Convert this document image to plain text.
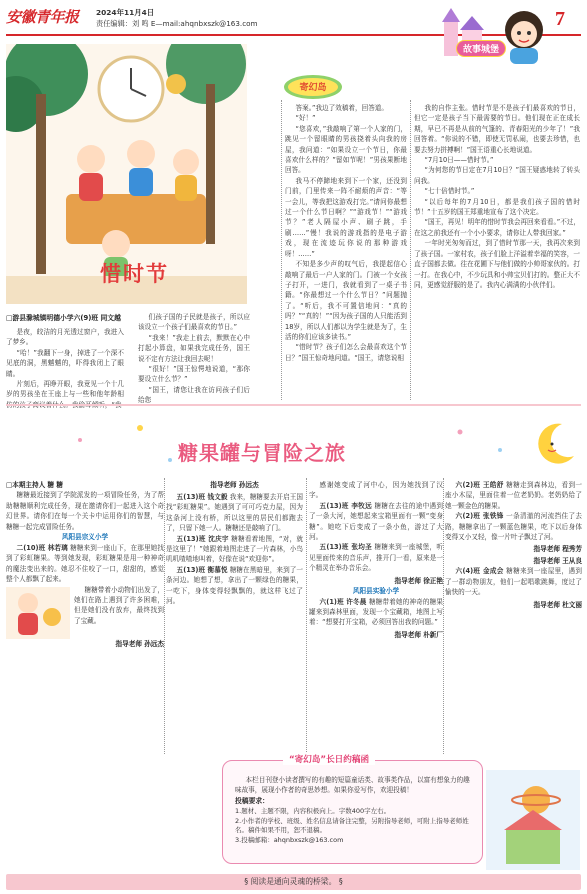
安徽青年报	2024年11月4日
责任编辑：刘 鸣 E—mail:ahqnbxszk@163.com	7
故事城堡
惜时节
寄幻岛
□游县滁城镇明德小学六(9)班 同文越

是夜，皎洁的月光透过窗户，我进入了梦乡。

“哈！”我翻下一身，掉进了一个深不见底的洞，黑魆魆的，吓得我闭上了眼睛。

片刻后，再睁开眼，我竟见一个十几岁的男孩坐在王座上与一些和他年龄相

们孩子国的子民就是孩子，所以应该设立一个孩子们最喜欢的节日。”

“我来！”我走上前去，默默在心中打起小算盘，如果我完成任务，国王说不定有方法让我回去呢！

“很好！”国王惊愕地说道，“那你要设立什么节？”

“国王，请您让我在访问孩子们后给您

答案。”我边了效稿着，回答道。

“好！”

“您喜欢，”我敲响了第一个人家的门，跳见一个留眼睛的男孩挠着头向我的房屋，我问道：“如果设立一个节日，你最喜欢什么样的？”留如节呢！”男孩果断地回答。

我马不停蹄地来到下一个家，还没到门前，门里传来一阵不耐烦的声音：“等一会儿，等我把这游戏打完。”请问你最想过一个什么节日啊？”“游戏节！”“游戏节？”老人隔屋小声、刷子跳，手刷……”慢！我说的游戏指的是电子游戏，现在流迹玩你说的那种游戏呀！……”

不知是多少声的叹气后，我提起信心敲响了最后一户人家的门。门被一个女孩子打开，一进门，我就看到了一桌子书籍。“你最想过一个什么节日？”问题抛了。“听后，我不可置信地问：“真的吗？”“真的！”“因为孩子国的人只能活到18岁，所以人们都以为学生就是为了，生活的你们应该多读书。”

“惜时节？孩子们怎么会最喜欢这个节日？”国王惊奇地问道。“国王，请您说相

我的自作主张。惜时节是不是孩子们最喜欢的节日，但它一定是孩子当下最需要的节日。他们现在正在成长期，早已不再是从前的气篷的、青春阳光的少年了！”我回答着。“你说的不错，即使无罚私闹，也要去珍惜，也要去努力拼搏啊！”国王语重心长地说道。

“7月10日——惜时节。”

“为何您的节日定在7月10日？”国王疑惑地转了转头问我。

“七十倍惜时节。”

“以后每年的7月10日，都是我们孩子国的惜时节！”十五岁的国王郑重地宣布了这个决定。

“国王，再见！明年的惜时节我会再回来看看。”不过，在这之前我还有一个小小要求，请你让人带我回家。”

一年时光匆匆而过，到了惜时节那一天，我再次来到了孩子国。一家村农，孩子们脸上洋溢着幸福的笑容，一直子国都去做。往在花圃下与他们做的小帅哥家伙的。打一打。在我心中，不少玩具和小帅宝贝们打的。整正大不同，更感觉舒服的是了。我内心满满的小伙伴们。

糖果罐与冒险之旅
□本期主持人 糖 糖

糖糖最近接到了学院派发的一项冒险任务，为了帮助糖糖顺利完成任务，现在邀请你们一起进入这个奇幻世界。请你们在每一个关卡中运用你们的智慧，与糖糖一起完成冒险任务。

风阳县宗义小学

二(10)班 林若璃 糖糖来到一座山下，在那里她找到了彩虹糖果。等到她发现，彩虹糖果是用一种神奇的魔法变出来的。她忍不住咬了一口，甜甜的，感觉整个人都飘了起来。

糖糖带着小动物们出发了，她们在路上遇到了许多困难，但是她们没有放弃，最终找到了宝藏。

指导老师 孙远杰
指导老师 孙远杰

五(13)班 钱文毅 我来，糖糖要去开启王国找“彩虹糖果”。她遇到了可可巧克力屋，因为这条河上没有桥，所以这里的居民们都跑去了，只留下她一人。糖糖还是敲响了门。

五(13)班 沈庆宇 糖糖看着地图，“对，就是这里了！”她跟着地图走进了一片森林，小鸟叽叽喳喳地叫着，好像在说“欢迎你”。

五(13)班 衡慕悦 糖糖在黑暗里，来到了一条河边。她想了想，拿出了一颗绿色的糖果，一吃下，身体变得轻飘飘的，就这样飞过了河。

感谢她变成了河中心，因为她找到了汉字。

五(13)班 李牧远 糖糖在去往的途中遇到了一条大河，她想起来宝箱里面有一颗“变身糖”。她吃下后变成了一条小鱼，游过了大河。

五(13)班 张均圣 糖糖来到一座城堡，听见里面传来的音乐声，推开门一看，原来是一个精灵在举办音乐会。

指导老师 徐正艳
风阳县实验小学

六(1)班 许冬晨 糖糖带着她的神奇的糖果罐来到森林里面，发现一个宝藏箱，地图上写着：“想要打开宝箱，必须回答出我的问题。”

指导老师 朴新厂

六(2)班 王皓舒 糖糖走到森林边，看到一座小木屋，里面住着一位老奶奶。老奶奶给了她一颗金色的糖果。

六(2)班 张铁锋 一条清澈的河流挡住了去路，糖糖拿出了一颗蓝色糖果，吃下以后身体变得又小又轻，像一片叶子飘过了河。

指导老师 程秀芳
指导老师 王从良

六(4)班 金成会 糖糖来到一座屋里，遇到了一群动物朋友，他们一起唱歌跳舞，度过了愉快的一天。

指导老师 杜文丽
“寄幻岛”长日约稿函
本栏目刊登小读者撰写的有趣的短篇童话类、故事类作品，以富有想象力的趣味故事，展现小作者的奇思妙想。如果你爱写作，欢迎投稿！
投稿要求：
1.题材、主题不限，内容积极向上。字数400字左右。
2.小作者的学校、班级、姓名信息请备注完整，另附指导老师，可附上指导老师姓名。稿件如果不用，恕不退稿。
3.投稿邮箱：ahqnbxszk@163.com
§ 阅读是通向灵魂的桥梁。 §
